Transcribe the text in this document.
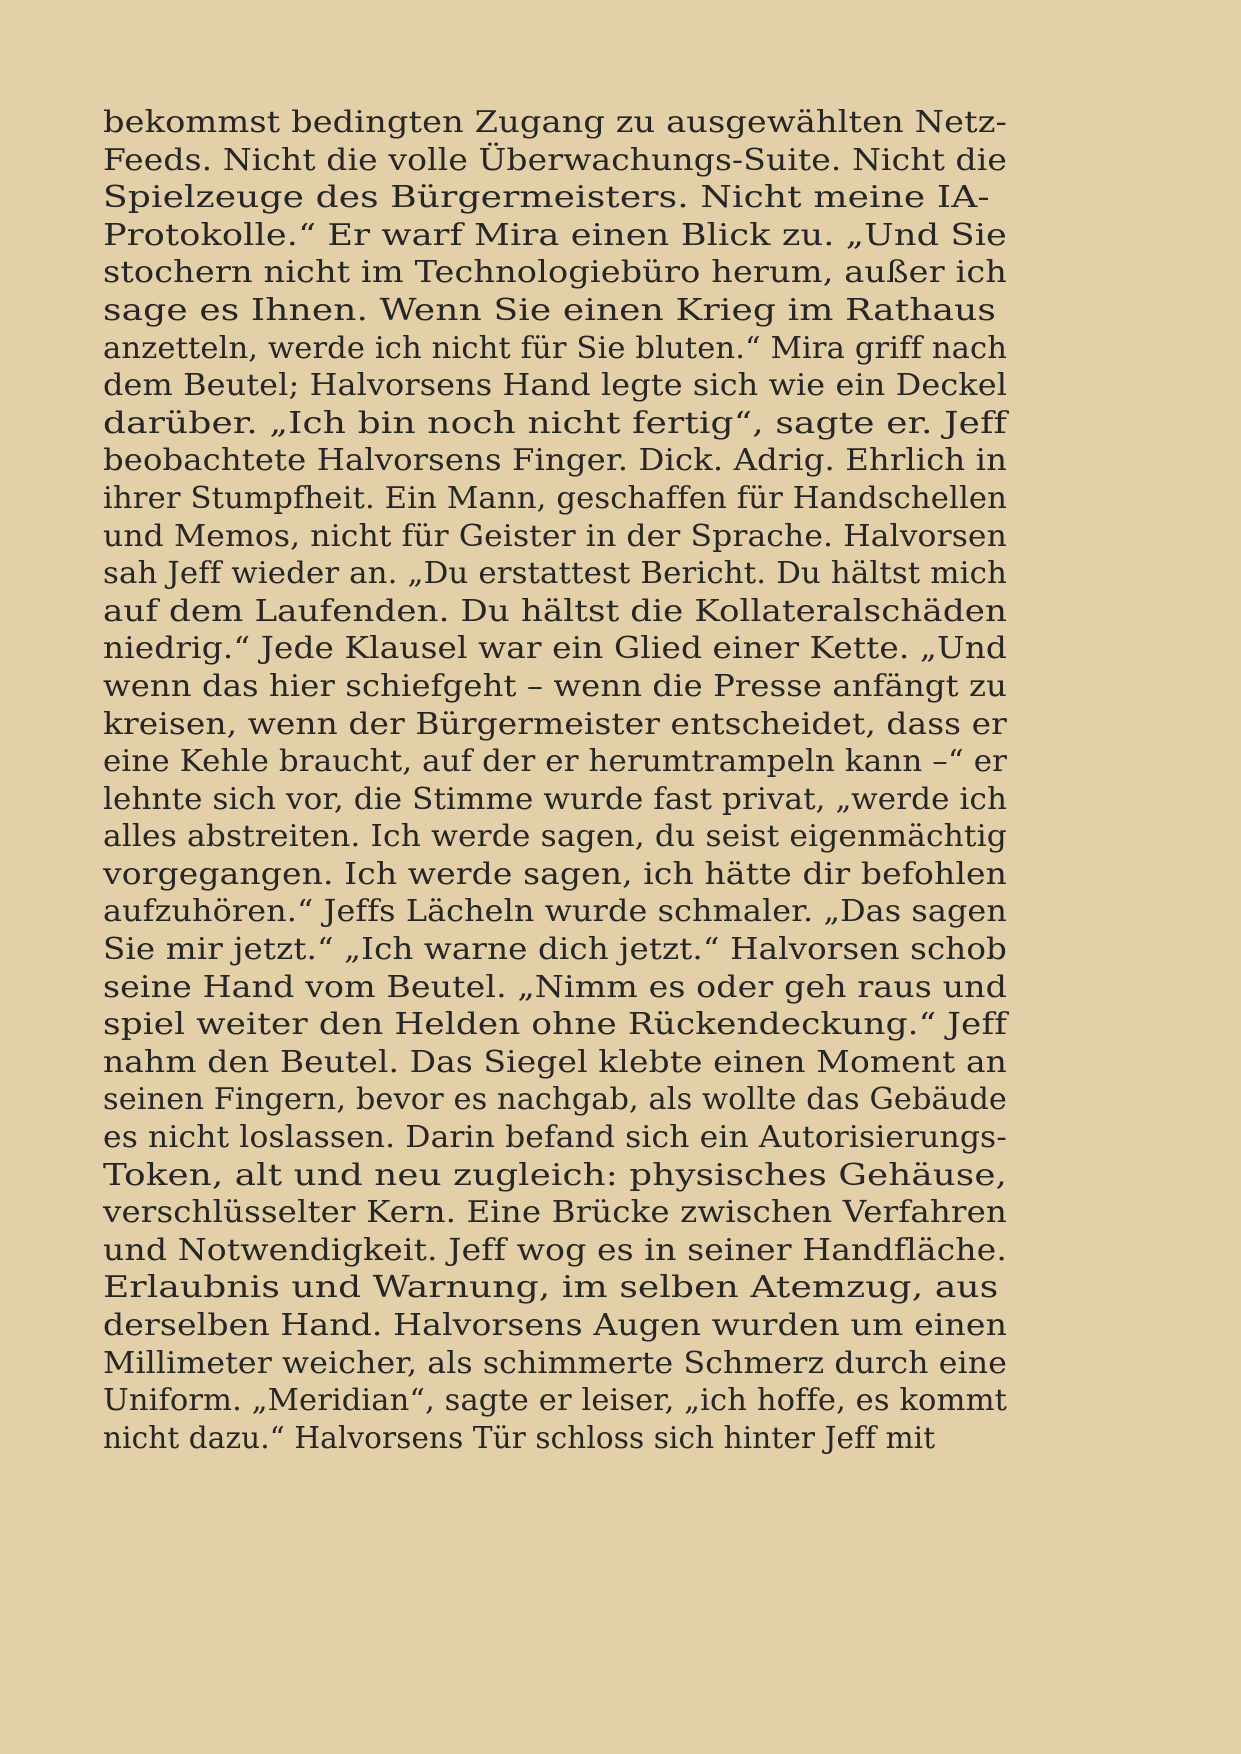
bekommst bedingten Zugang zu ausgewählten Netz-
Feeds. Nicht die volle Überwachungs-Suite. Nicht die
Spielzeuge des Bürgermeisters. Nicht meine IA-
Protokolle.“ Er warf Mira einen Blick zu. „Und Sie
stochern nicht im Technologiebüro herum, außer ich
sage es Ihnen. Wenn Sie einen Krieg im Rathaus
anzetteln, werde ich nicht für Sie bluten.“ Mira griff nach
dem Beutel; Halvorsens Hand legte sich wie ein Deckel
darüber. „Ich bin noch nicht fertig“, sagte er. Jeff
beobachtete Halvorsens Finger. Dick. Adrig. Ehrlich in
ihrer Stumpfheit. Ein Mann, geschaffen für Handschellen
und Memos, nicht für Geister in der Sprache. Halvorsen
sah Jeff wieder an. „Du erstattest Bericht. Du hältst mich
auf dem Laufenden. Du hältst die Kollateralschäden
niedrig.“ Jede Klausel war ein Glied einer Kette. „Und
wenn das hier schiefgeht – wenn die Presse anfängt zu
kreisen, wenn der Bürgermeister entscheidet, dass er
eine Kehle braucht, auf der er herumtrampeln kann –“ er
lehnte sich vor, die Stimme wurde fast privat, „werde ich
alles abstreiten. Ich werde sagen, du seist eigenmächtig
vorgegangen. Ich werde sagen, ich hätte dir befohlen
aufzuhören.“ Jeffs Lächeln wurde schmaler. „Das sagen
Sie mir jetzt.“ „Ich warne dich jetzt.“ Halvorsen schob
seine Hand vom Beutel. „Nimm es oder geh raus und
spiel weiter den Helden ohne Rückendeckung.“ Jeff
nahm den Beutel. Das Siegel klebte einen Moment an
seinen Fingern, bevor es nachgab, als wollte das Gebäude
es nicht loslassen. Darin befand sich ein Autorisierungs-
Token, alt und neu zugleich: physisches Gehäuse,
verschlüsselter Kern. Eine Brücke zwischen Verfahren
und Notwendigkeit. Jeff wog es in seiner Handfläche.
Erlaubnis und Warnung, im selben Atemzug, aus
derselben Hand. Halvorsens Augen wurden um einen
Millimeter weicher, als schimmerte Schmerz durch eine
Uniform. „Meridian“, sagte er leiser, „ich hoffe, es kommt
nicht dazu.“ Halvorsens Tür schloss sich hinter Jeff mit
